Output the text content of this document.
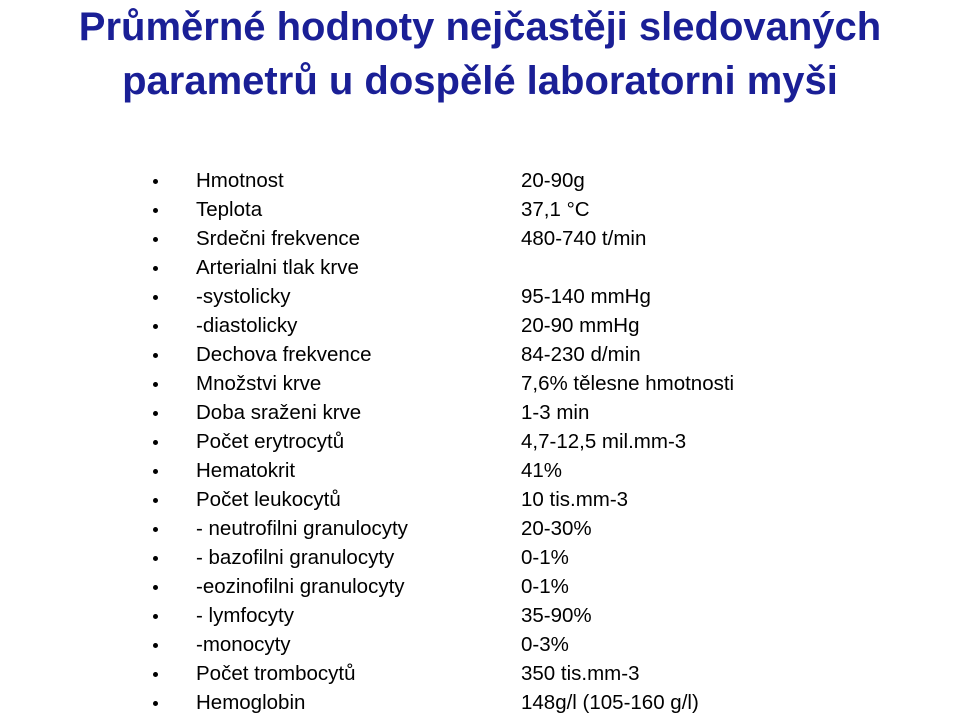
Průměrné hodnoty nejčastěji sledovaných
parametrů u dospělé laboratorni myši
Hmotnost	20-90g
Teplota	37,1 °C
Srdečni frekvence	480-740 t/min
Arterialni tlak krve
-systolicky	95-140 mmHg
-diastolicky	20-90 mmHg
Dechova frekvence	84-230 d/min
Množstvi krve	7,6% tělesne hmotnosti
Doba sraženi krve	1-3 min
Počet erytrocytů	4,7-12,5 mil.mm-3
Hematokrit	41%
Počet leukocytů	10 tis.mm-3
- neutrofilni granulocyty	20-30%
- bazofilni granulocyty	0-1%
-eozinofilni granulocyty	0-1%
- lymfocyty	35-90%
-monocyty	0-3%
Počet trombocytů	350 tis.mm-3
Hemoglobin	148g/l (105-160 g/l)
